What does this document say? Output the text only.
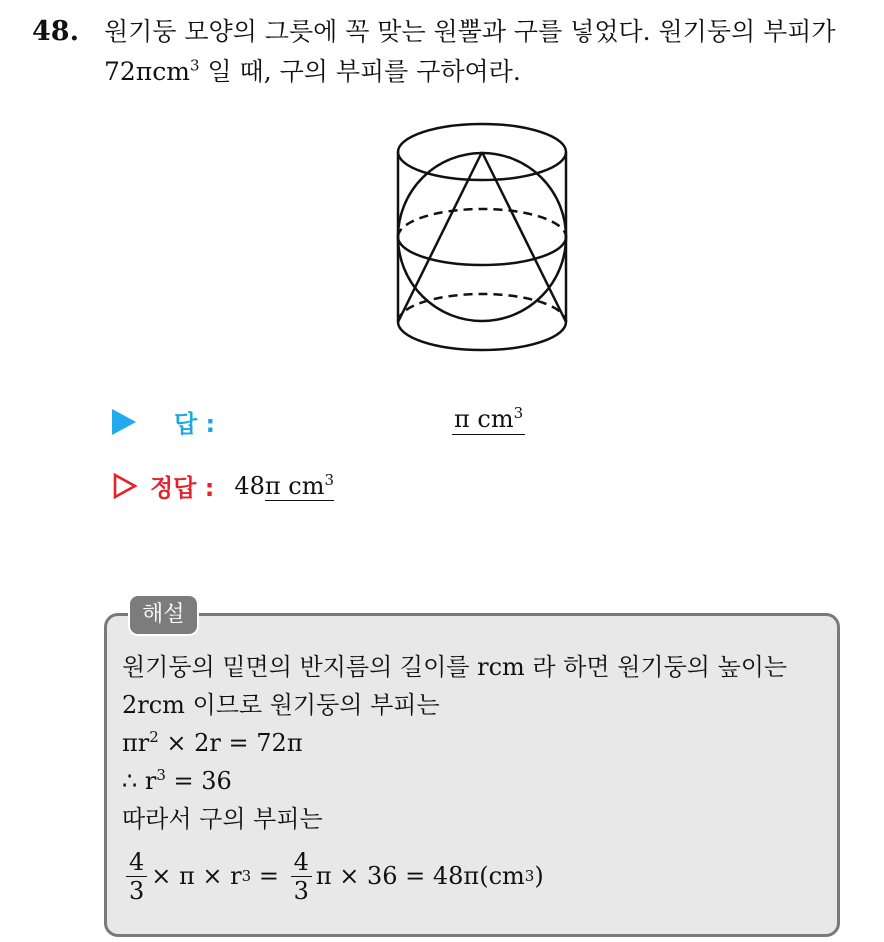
48. 원기둥 모양의 그릇에 꼭 맞는 원뿔과 구를 넣었다. 원기둥의 부피가
72πcm$^3$ 일 때, 구의 부피를 구하여라.
답 :	π $cm^3$
정답 : 48π $cm^3$
해설
원기둥의 밑면의 반지름의 길이를 rcm 라 하면 원기둥의 높이는
2rcm 이므로 원기둥의 부피는
$\pi r^2 \times 2r = 72\pi$
∴ $r^3 = 36$
따라서 구의 부피는
$\frac{4}{3} \times \pi \times r$ $3 = \frac{4}{3}$ π × 36 = 48π(cm 3 )
